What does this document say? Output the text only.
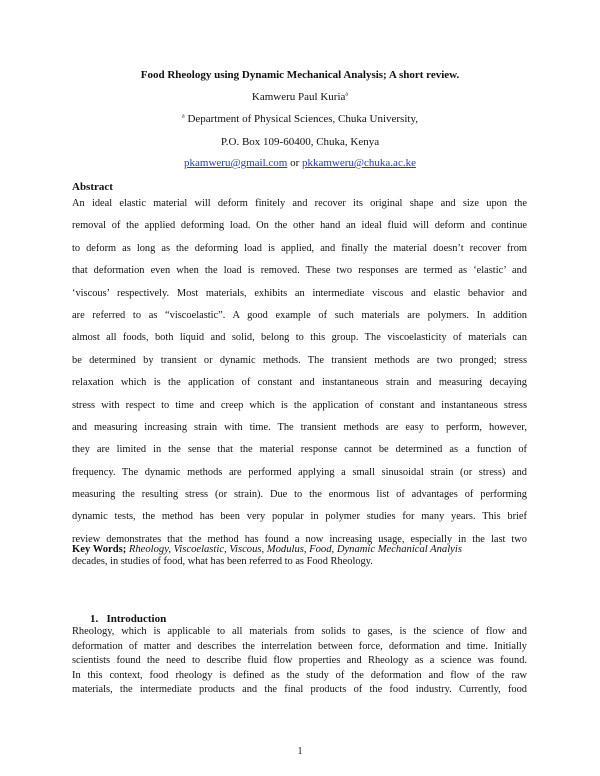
Food Rheology using Dynamic Mechanical Analysis; A short review.
Kamweru Paul Kuria$^a$
$^a$ Department of Physical Sciences, Chuka University,
P.O. Box 109-60400, Chuka, Kenya
pkamweru@gmail.com or pkkamweru@chuka.ac.ke
Abstract
An ideal elastic material will deform finitely and recover its original shape and size upon the
removal of the applied deforming load. On the other hand an ideal fluid will deform and continue
to deform as long as the deforming load is applied, and finally the material doesn’t recover from
that deformation even when the load is removed. These two responses are termed as ‘elastic’ and
‘viscous’ respectively. Most materials, exhibits an intermediate viscous and elastic behavior and
are referred to as “viscoelastic”. A good example of such materials are polymers. In addition
almost all foods, both liquid and solid, belong to this group. The viscoelasticity of materials can
be determined by transient or dynamic methods. The transient methods are two pronged; stress
relaxation which is the application of constant and instantaneous strain and measuring decaying
stress with respect to time and creep which is the application of constant and instantaneous stress
and measuring increasing strain with time. The transient methods are easy to perform, however,
they are limited in the sense that the material response cannot be determined as a function of
frequency. The dynamic methods are performed applying a small sinusoidal strain (or stress) and
measuring the resulting stress (or strain). Due to the enormous list of advantages of performing
dynamic tests, the method has been very popular in polymer studies for many years. This brief
review demonstrates that the method has found a now increasing usage, especially in the last two
decades, in studies of food, what has been referred to as Food Rheology.
Key Words; Rheology, Viscoelastic, Viscous, Modulus, Food, Dynamic Mechanical Analyis
1.   Introduction
Rheology, which is applicable to all materials from solids to gases, is the science of flow and
deformation of matter and describes the interrelation between force, deformation and time. Initially
scientists found the need to describe fluid flow properties and Rheology as a science was found.
In this context, food rheology is defined as the study of the deformation and flow of the raw
materials, the intermediate products and the final products of the food industry. Currently, food
1
